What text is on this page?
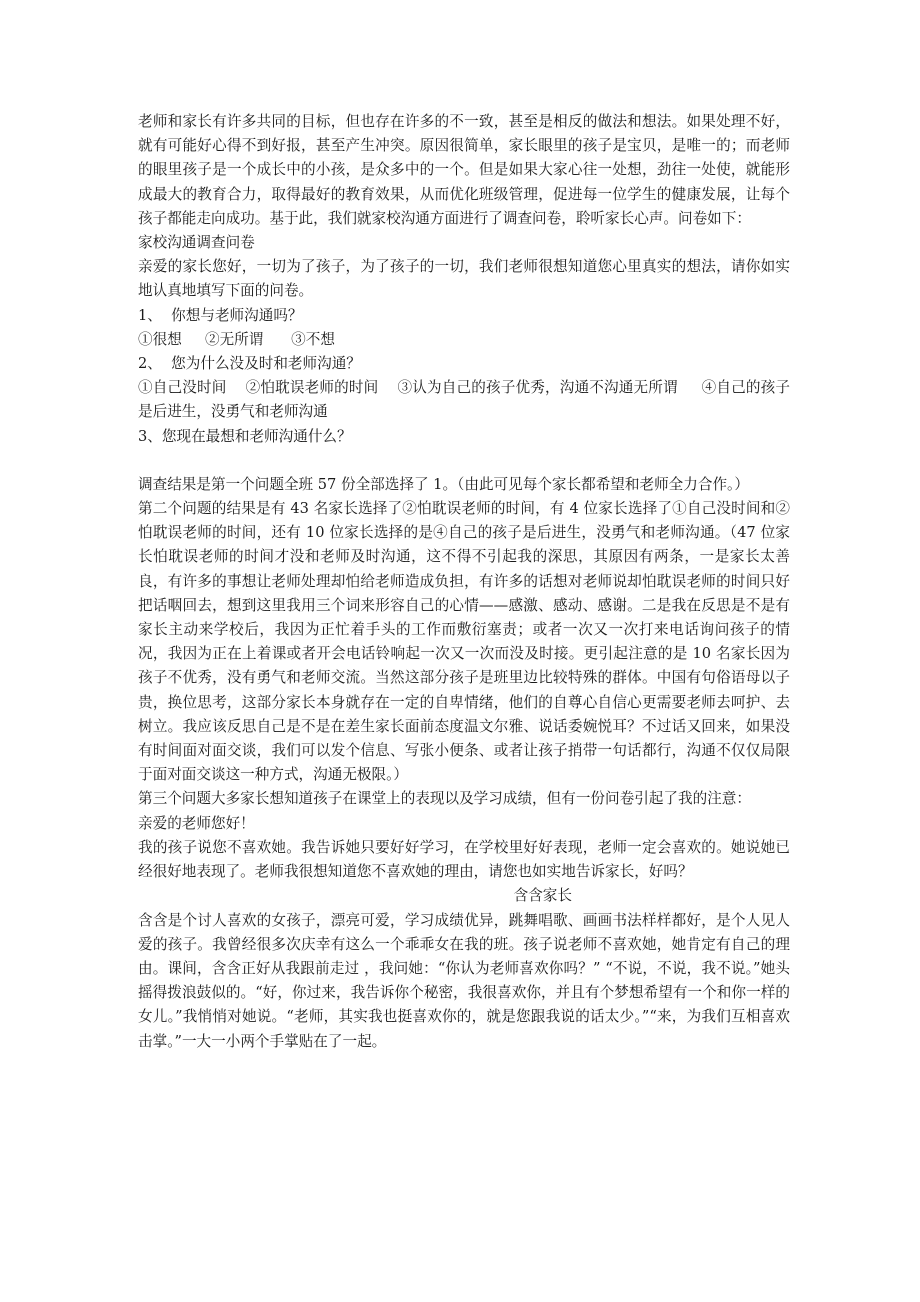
老师和家长有许多共同的目标，但也存在许多的不一致，甚至是相反的做法和想法。如果处理不好，就有可能好心得不到好报，甚至产生冲突。原因很简单，家长眼里的孩子是宝贝，是唯一的；而老师的眼里孩子是一个成长中的小孩，是众多中的一个。但是如果大家心往一处想，劲往一处使，就能形成最大的教育合力，取得最好的教育效果，从而优化班级管理，促进每一位学生的健康发展，让每个孩子都能走向成功。基于此，我们就家校沟通方面进行了调查问卷，聆听家长心声。问卷如下：

家校沟通调查问卷

亲爱的家长您好，一切为了孩子，为了孩子的一切，我们老师很想知道您心里真实的想法，请你如实地认真地填写下面的问卷。

1、  你想与老师沟通吗？

①很想     ②无所谓      ③不想

2、  您为什么没及时和老师沟通？

①自己没时间    ②怕耽误老师的时间    ③认为自己的孩子优秀，沟通不沟通无所谓     ④自己的孩子是后进生，没勇气和老师沟通

3、您现在最想和老师沟通什么？

调查结果是第一个问题全班 57 份全部选择了 1。（由此可见每个家长都希望和老师全力合作。）

第二个问题的结果是有 43 名家长选择了②怕耽误老师的时间，有 4 位家长选择了①自己没时间和②怕耽误老师的时间，还有 10 位家长选择的是④自己的孩子是后进生，没勇气和老师沟通。（47 位家长怕耽误老师的时间才没和老师及时沟通，这不得不引起我的深思，其原因有两条，一是家长太善良，有许多的事想让老师处理却怕给老师造成负担，有许多的话想对老师说却怕耽误老师的时间只好把话咽回去，想到这里我用三个词来形容自己的心情——感激、感动、感谢。二是我在反思是不是有家长主动来学校后，我因为正忙着手头的工作而敷衍塞责；或者一次又一次打来电话询问孩子的情况，我因为正在上着课或者开会电话铃响起一次又一次而没及时接。更引起注意的是 10 名家长因为孩子不优秀，没有勇气和老师交流。当然这部分孩子是班里边比较特殊的群体。中国有句俗语母以子贵，换位思考，这部分家长本身就存在一定的自卑情绪，他们的自尊心自信心更需要老师去呵护、去树立。我应该反思自己是不是在差生家长面前态度温文尔雅、说话委婉悦耳？不过话又回来，如果没有时间面对面交谈，我们可以发个信息、写张小便条、或者让孩子捎带一句话都行，沟通不仅仅局限于面对面交谈这一种方式，沟通无极限。）

第三个问题大多家长想知道孩子在课堂上的表现以及学习成绩，但有一份问卷引起了我的注意：

亲爱的老师您好！

我的孩子说您不喜欢她。我告诉她只要好好学习，在学校里好好表现，老师一定会喜欢的。她说她已经很好地表现了。老师我很想知道您不喜欢她的理由，请您也如实地告诉家长，好吗？

含含家长

含含是个讨人喜欢的女孩子，漂亮可爱，学习成绩优异，跳舞唱歌、画画书法样样都好，是个人见人爱的孩子。我曾经很多次庆幸有这么一个乖乖女在我的班。孩子说老师不喜欢她，她肯定有自己的理由。课间，含含正好从我跟前走过 ，我问她：“你认为老师喜欢你吗？” “不说，不说，我不说。”她头摇得拨浪鼓似的。“好，你过来，我告诉你个秘密，我很喜欢你，并且有个梦想希望有一个和你一样的女儿。”我悄悄对她说。“老师，其实我也挺喜欢你的，就是您跟我说的话太少。”“来，为我们互相喜欢击掌。”一大一小两个手掌贴在了一起。
